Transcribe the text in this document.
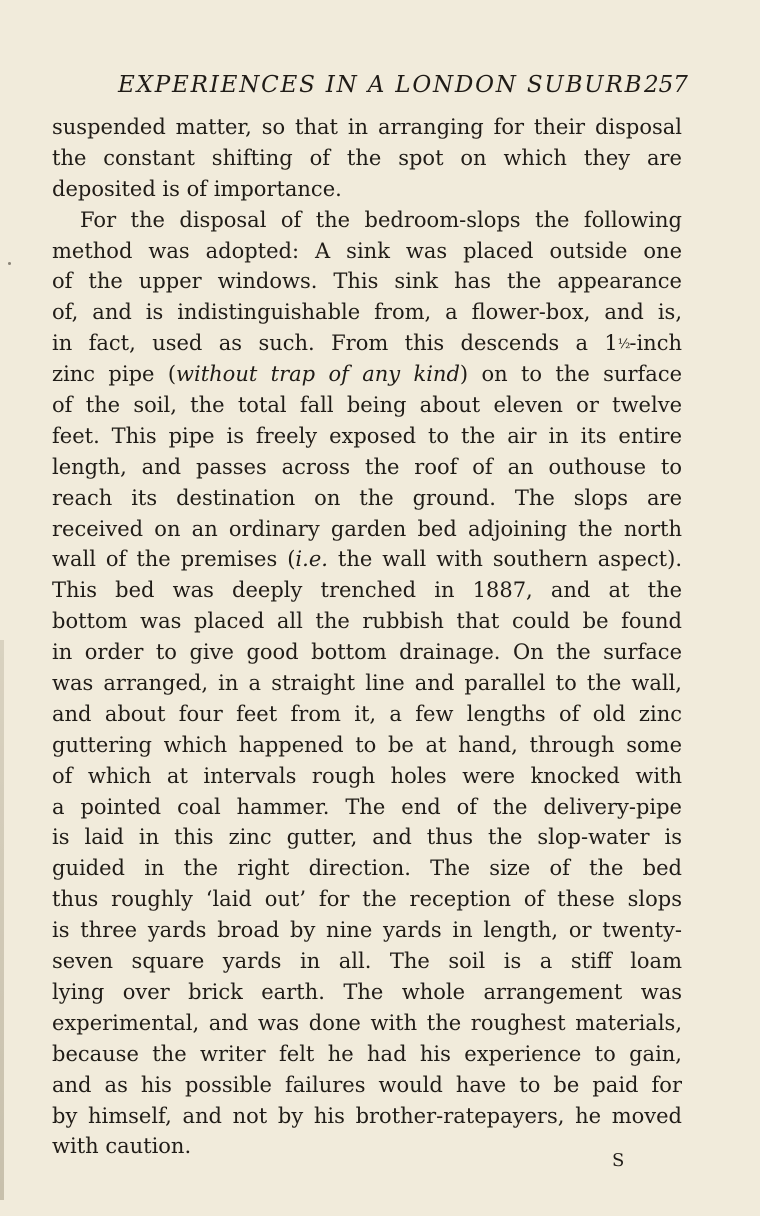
EXPERIENCES IN A LONDON SUBURB 257
suspended matter, so that in arranging for their disposal
the constant shifting of the spot on which they are
deposited is of importance.
For the disposal of the bedroom-slops the following
method was adopted: A sink was placed outside one
of the upper windows. This sink has the appearance
of, and is indistinguishable from, a flower-box, and is,
in fact, used as such. From this descends a 1½-inch
zinc pipe (without trap of any kind) on to the surface
of the soil, the total fall being about eleven or twelve
feet. This pipe is freely exposed to the air in its entire
length, and passes across the roof of an outhouse to
reach its destination on the ground. The slops are
received on an ordinary garden bed adjoining the north
wall of the premises (i.e. the wall with southern aspect).
This bed was deeply trenched in 1887, and at the
bottom was placed all the rubbish that could be found
in order to give good bottom drainage. On the surface
was arranged, in a straight line and parallel to the wall,
and about four feet from it, a few lengths of old zinc
guttering which happened to be at hand, through some
of which at intervals rough holes were knocked with
a pointed coal hammer. The end of the delivery-pipe
is laid in this zinc gutter, and thus the slop-water is
guided in the right direction. The size of the bed
thus roughly ‘laid out’ for the reception of these slops
is three yards broad by nine yards in length, or twenty-
seven square yards in all. The soil is a stiff loam
lying over brick earth. The whole arrangement was
experimental, and was done with the roughest materials,
because the writer felt he had his experience to gain,
and as his possible failures would have to be paid for
by himself, and not by his brother-ratepayers, he moved
with caution.
S
